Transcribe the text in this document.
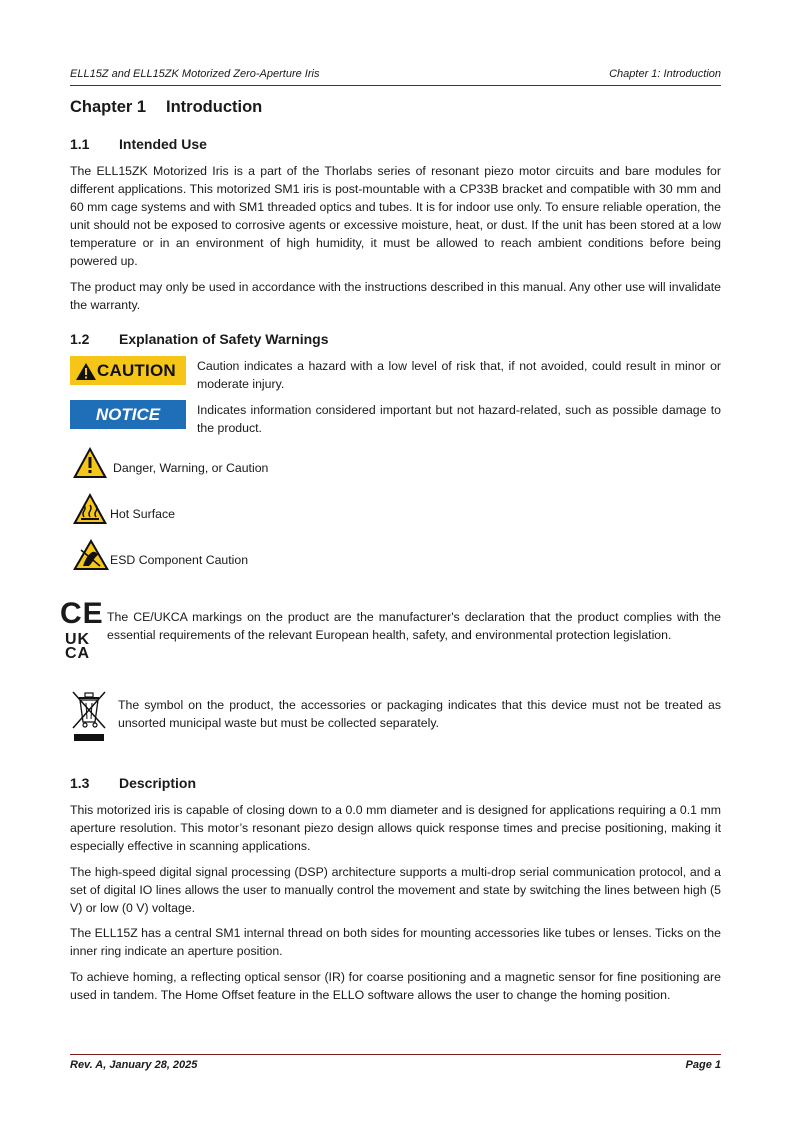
ELL15Z and ELL15ZK Motorized Zero-Aperture Iris	Chapter 1: Introduction
Chapter 1 Introduction
1.1 Intended Use

The ELL15ZK Motorized Iris is a part of the Thorlabs series of resonant piezo motor circuits and bare modules for different applications. This motorized SM1 iris is post-mountable with a CP33B bracket and compatible with 30 mm and 60 mm cage systems and with SM1 threaded optics and tubes. It is for indoor use only. To ensure reliable operation, the unit should not be exposed to corrosive agents or excessive moisture, heat, or dust. If the unit has been stored at a low temperature or in an environment of high humidity, it must be allowed to reach ambient conditions before being powered up.

The product may only be used in accordance with the instructions described in this manual. Any other use will invalidate the warranty.

1.2 Explanation of Safety Warnings
CAUTION Caution indicates a hazard with a low level of risk that, if not avoided, could result in minor or moderate injury.
NOTICE	Indicates information considered important but not hazard-related, such as possible damage to the product.
Danger, Warning, or Caution
Hot Surface
ESD Component Caution
CE
UK
CA
The CE/UKCA markings on the product are the manufacturer's declaration that the product complies with the essential requirements of the relevant European health, safety, and environmental protection legislation.
The symbol on the product, the accessories or packaging indicates that this device must not be treated as unsorted municipal waste but must be collected separately.
1.3 Description

This motorized iris is capable of closing down to a 0.0 mm diameter and is designed for applications requiring a 0.1 mm aperture resolution. This motor’s resonant piezo design allows quick response times and precise positioning, making it especially effective in scanning applications.

The high-speed digital signal processing (DSP) architecture supports a multi-drop serial communication protocol, and a set of digital IO lines allows the user to manually control the movement and state by switching the lines between high (5 V) or low (0 V) voltage.

The ELL15Z has a central SM1 internal thread on both sides for mounting accessories like tubes or lenses. Ticks on the inner ring indicate an aperture position.

To achieve homing, a reflecting optical sensor (IR) for coarse positioning and a magnetic sensor for fine positioning are used in tandem. The Home Offset feature in the ELLO software allows the user to change the homing position.

Rev. A, January 28, 2025	Page 1
